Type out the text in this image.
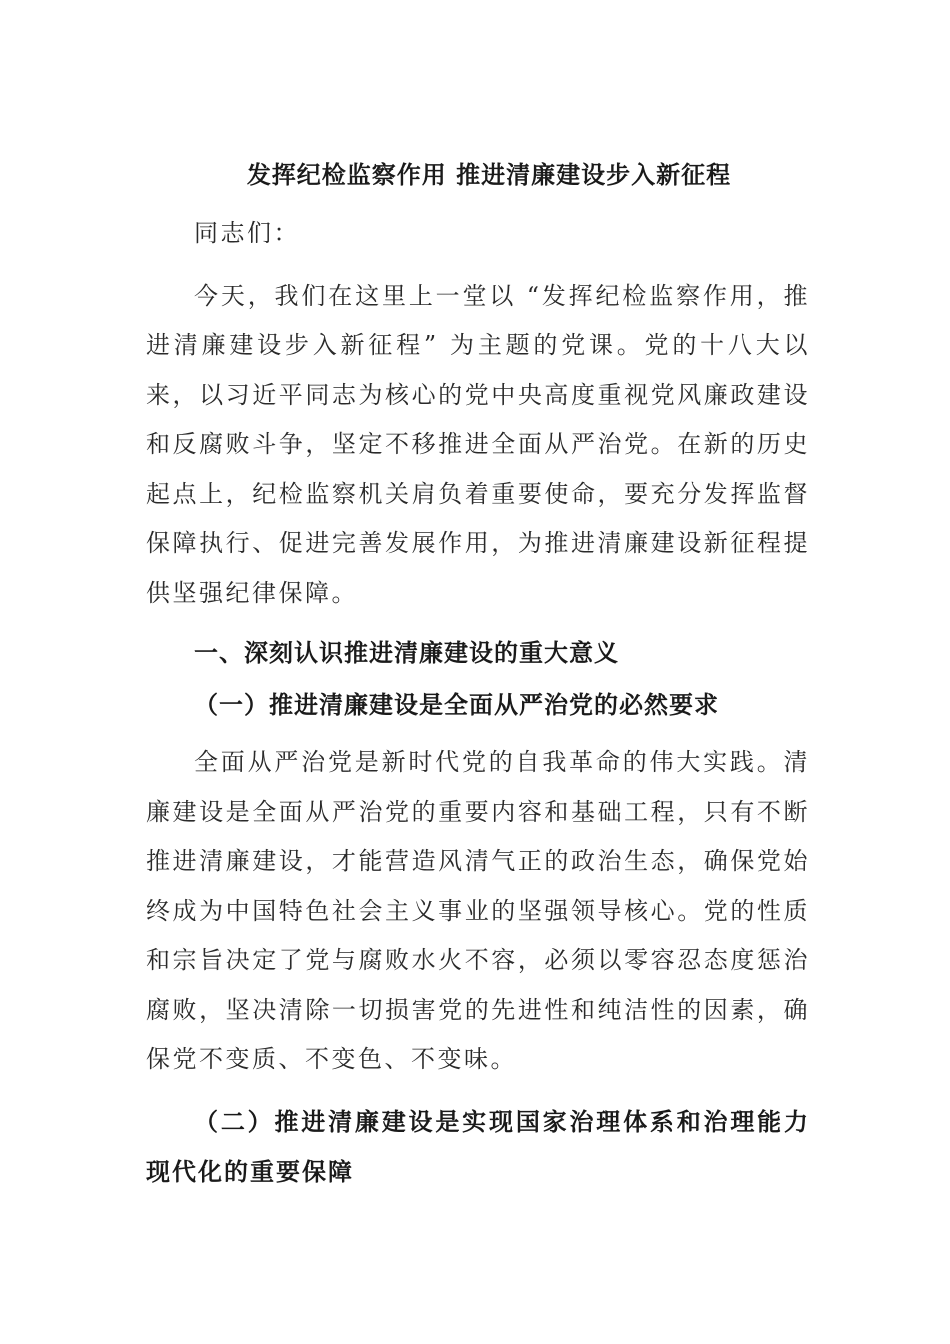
发挥纪检监察作用 推进清廉建设步入新征程

同志们：

今天，我们在这里上一堂以 “发挥纪检监察作用，推进清廉建设步入新征程” 为主题的党课。党的十八大以来，以习近平同志为核心的党中央高度重视党风廉政建设和反腐败斗争，坚定不移推进全面从严治党。在新的历史起点上，纪检监察机关肩负着重要使命，要充分发挥监督保障执行、促进完善发展作用，为推进清廉建设新征程提供坚强纪律保障。

一、深刻认识推进清廉建设的重大意义
（一）推进清廉建设是全面从严治党的必然要求

全面从严治党是新时代党的自我革命的伟大实践。清廉建设是全面从严治党的重要内容和基础工程，只有不断推进清廉建设，才能营造风清气正的政治生态，确保党始终成为中国特色社会主义事业的坚强领导核心。党的性质和宗旨决定了党与腐败水火不容，必须以零容忍态度惩治腐败，坚决清除一切损害党的先进性和纯洁性的因素，确保党不变质、不变色、不变味。

（二）推进清廉建设是实现国家治理体系和治理能力现代化的重要保障
